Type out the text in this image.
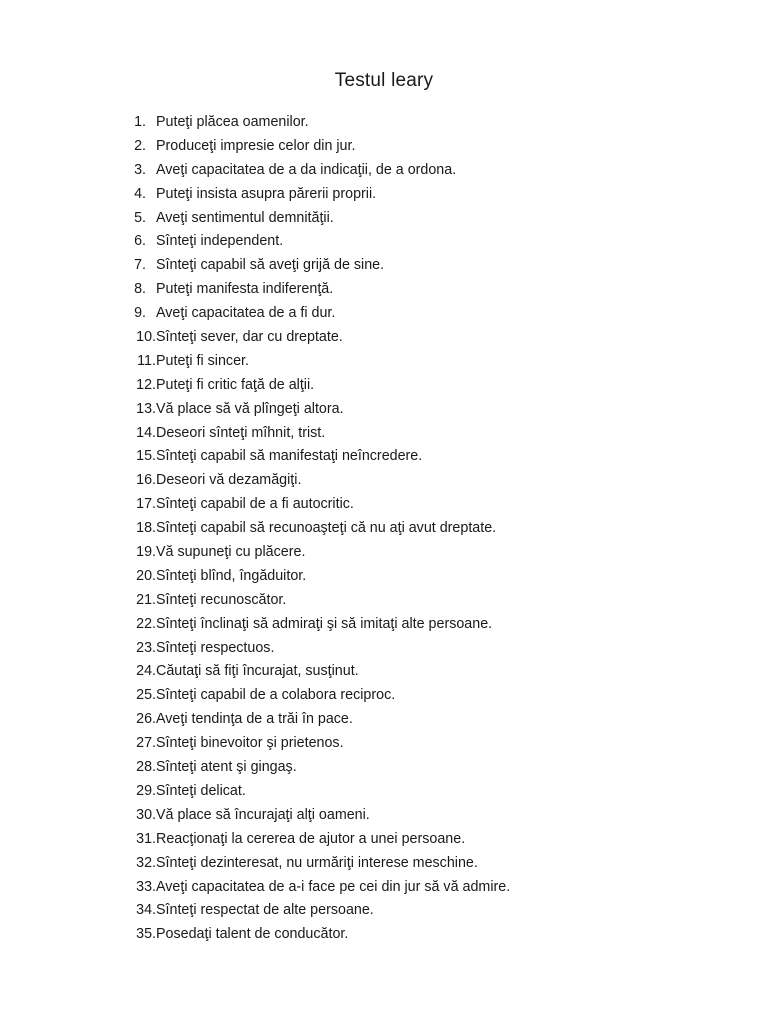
Testul leary
1. Puteţi plăcea oamenilor.
2. Produceţi impresie celor din jur.
3. Aveţi capacitatea de a da indicaţii, de a ordona.
4. Puteţi insista asupra părerii proprii.
5. Aveţi sentimentul demnităţii.
6. Sînteţi independent.
7. Sînteţi capabil să aveţi grijă de sine.
8. Puteţi manifesta indiferenţă.
9. Aveţi capacitatea de a fi dur.
10. Sînteţi sever, dar cu dreptate.
11. Puteţi fi sincer.
12. Puteţi fi critic faţă de alţii.
13. Vă place să vă plîngeţi altora.
14. Deseori sînteţi mîhnit, trist.
15. Sînteţi capabil să manifestaţi neîncredere.
16. Deseori vă dezamăgiţi.
17. Sînteţi capabil de a fi autocritic.
18. Sînteţi capabil să recunoaşteţi că nu aţi avut dreptate.
19. Vă supuneţi cu plăcere.
20. Sînteţi blînd, îngăduitor.
21. Sînteţi recunoscător.
22. Sînteţi înclinaţi să admiraţi şi să imitaţi alte persoane.
23. Sînteţi respectuos.
24. Căutaţi să fiţi încurajat, susţinut.
25. Sînteţi capabil de a colabora reciproc.
26. Aveţi tendinţa de a trăi în pace.
27. Sînteţi binevoitor şi prietenos.
28. Sînteţi atent şi gingaş.
29. Sînteţi delicat.
30. Vă place să încurajaţi alţi oameni.
31. Reacţionaţi la cererea de ajutor a unei persoane.
32. Sînteţi dezinteresat, nu urmăriţi interese meschine.
33. Aveţi capacitatea de a-i face pe cei din jur să vă admire.
34. Sînteţi respectat de alte persoane.
35. Posedaţi talent de conducător.
